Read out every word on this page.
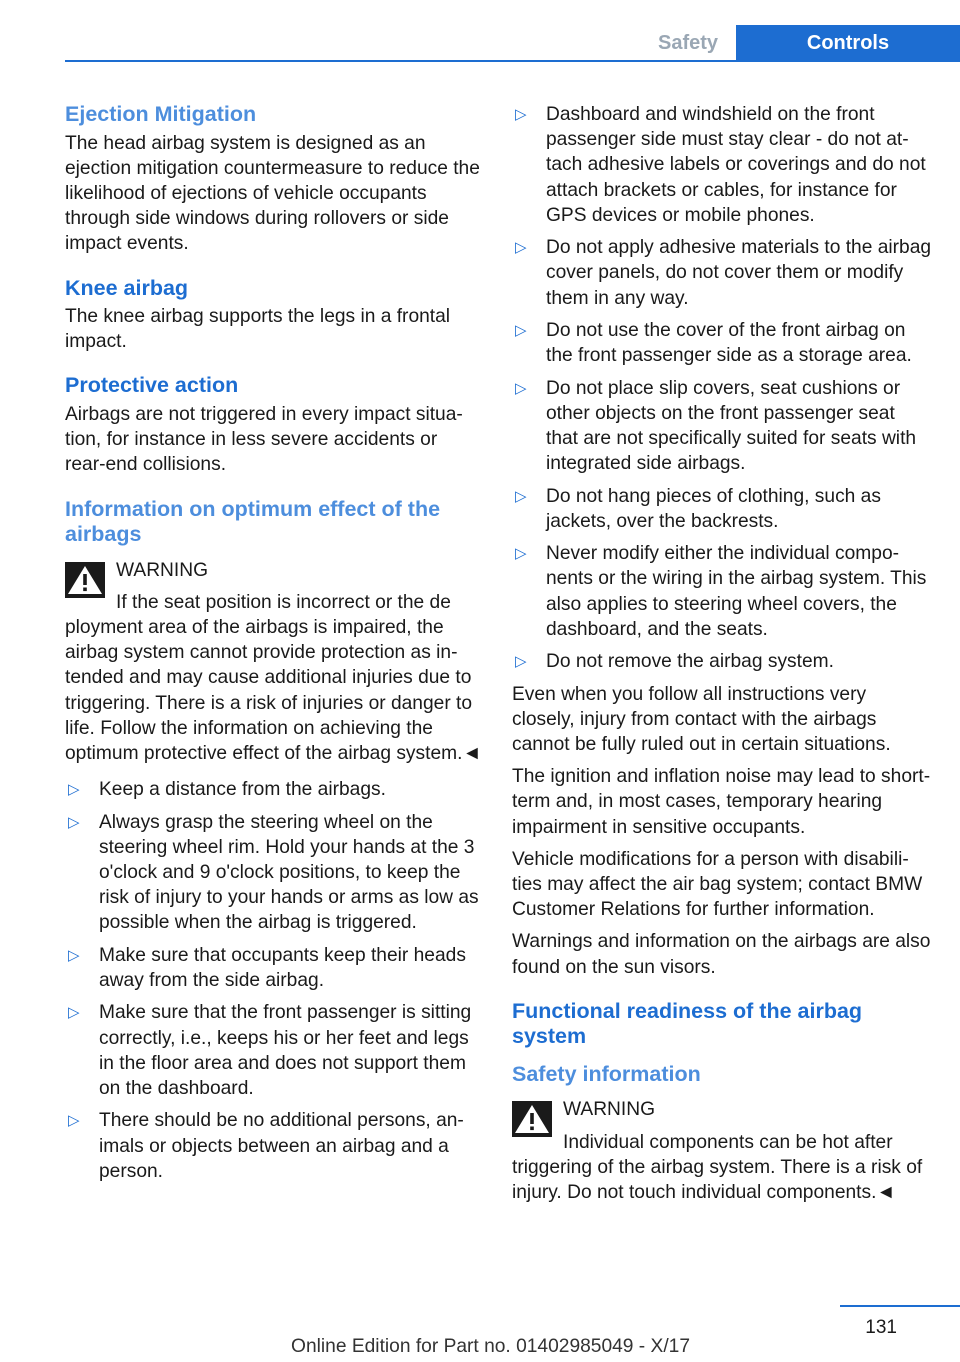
Safety	Controls
Ejection Mitigation

The head airbag system is designed as an ejection mitigation countermeasure to reduce the likelihood of ejections of vehicle occupants through side windows during rollovers or side impact events.

Knee airbag

The knee airbag supports the legs in a frontal impact.

Protective action

Airbags are not triggered in every impact situation, for instance in less severe accidents or rear-end collisions.

Information on optimum effect of the airbags
WARNING
If the seat position is incorrect or the de

ployment area of the airbags is impaired, the airbag system cannot provide protection as intended and may cause additional injuries due to triggering. There is a risk of injuries or danger to life. Follow the information on achieving the optimum protective effect of the airbag system.◄

▷ Keep a distance from the airbags.
▷ Always grasp the steering wheel on the steering wheel rim. Hold your hands at the 3 o'clock and 9 o'clock positions, to keep the risk of injury to your hands or arms as low as possible when the airbag is triggered.
▷ Make sure that occupants keep their heads away from the side airbag.
▷ Make sure that the front passenger is sitting correctly, i.e., keeps his or her feet and legs in the floor area and does not support them on the dashboard.
▷ There should be no additional persons, animals or objects between an airbag and a person.
▷ Dashboard and windshield on the front passenger side must stay clear - do not attach adhesive labels or coverings and do not attach brackets or cables, for instance for GPS devices or mobile phones.
▷ Do not apply adhesive materials to the airbag cover panels, do not cover them or modify them in any way.
▷ Do not use the cover of the front airbag on the front passenger side as a storage area.
▷ Do not place slip covers, seat cushions or other objects on the front passenger seat that are not specifically suited for seats with integrated side airbags.
▷ Do not hang pieces of clothing, such as jackets, over the backrests.
▷ Never modify either the individual components or the wiring in the airbag system. This also applies to steering wheel covers, the dashboard, and the seats.
▷ Do not remove the airbag system.

Even when you follow all instructions very closely, injury from contact with the airbags cannot be fully ruled out in certain situations.

The ignition and inflation noise may lead to short-term and, in most cases, temporary hearing impairment in sensitive occupants.

Vehicle modifications for a person with disabilities may affect the air bag system; contact BMW Customer Relations for further information.

Warnings and information on the airbags are also found on the sun visors.

Functional readiness of the airbag system
Safety information
WARNING
Individual components can be hot after

triggering of the airbag system. There is a risk of injury. Do not touch individual components.◄

131
Online Edition for Part no. 01402985049 - X/17
